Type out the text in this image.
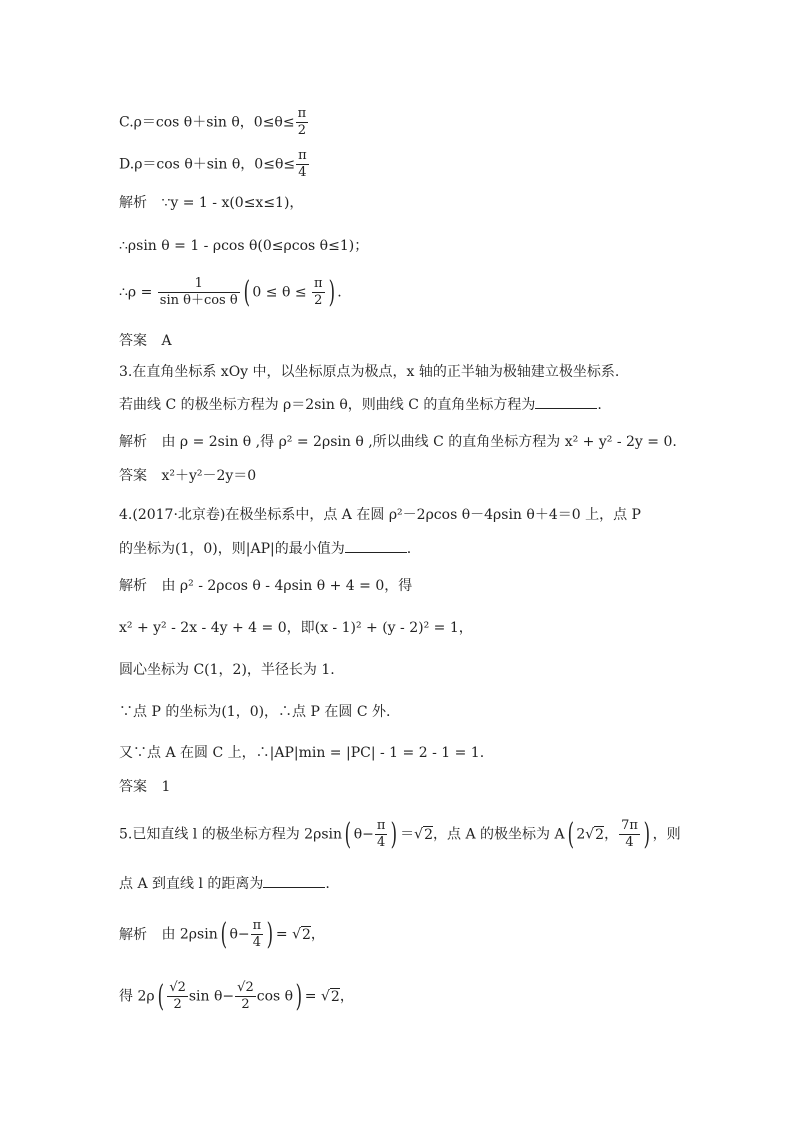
C.ρ＝cos θ＋sin θ，$0\le\theta\le \frac{\pi}{2}$
D.ρ＝cos θ＋sin θ，$0\le\theta\le \frac{\pi}{4}$
解析 ∵y = 1 - x(0≤x≤1)，
∴ρsin θ = 1 - ρcos θ(0≤ρcos θ≤1)；
∴ρ = $\frac{1}{\text{sin θ＋cos θ}}$ ( $0 \le \theta \le \frac{\pi}{2}$ ) .
答案 A
3.在直角坐标系 xOy 中，以坐标原点为极点，x 轴的正半轴为极轴建立极坐标系.
若曲线 C 的极坐标方程为 ρ＝2sin θ，则曲线 C 的直角坐标方程为	.
解析 由 ρ = 2sin θ ,得 ρ² = 2ρsin θ ,所以曲线 C 的直角坐标方程为 x² + y² - 2y = 0.
答案 x²＋y²－2y＝0
4.(2017·北京卷)在极坐标系中，点 A 在圆 ρ²－2ρcos θ－4ρsin θ＋4＝0 上，点 P
的坐标为(1，0)，则|AP|的最小值为	.
解析 由 ρ² - 2ρcos θ - 4ρsin θ + 4 = 0，得
x² + y² - 2x - 4y + 4 = 0，即(x - 1)² + (y - 2)² = 1，
圆心坐标为 C(1，2)，半径长为 1.
∵点 P 的坐标为(1，0)，∴点 P 在圆 C 外.
又∵点 A 在圆 C 上，∴|AP|min = |PC| - 1 = 2 - 1 = 1.
答案 1
5.已知直线 l 的极坐标方程为 2ρsin( $\theta- \frac{\pi}{4}$ ) ＝√2，点 A 的极坐标为 A( 2√2， $\frac{7\pi}{4}$ ) ，则
点 A 到直线 l 的距离为	.
解析 由 2ρsin( $\theta- \frac{\pi}{4}$ ) = √2，
得 $2\rho( \frac{√2}{2}$ $\sin \theta- \frac{√2}{2}$ cos θ) = √2，
